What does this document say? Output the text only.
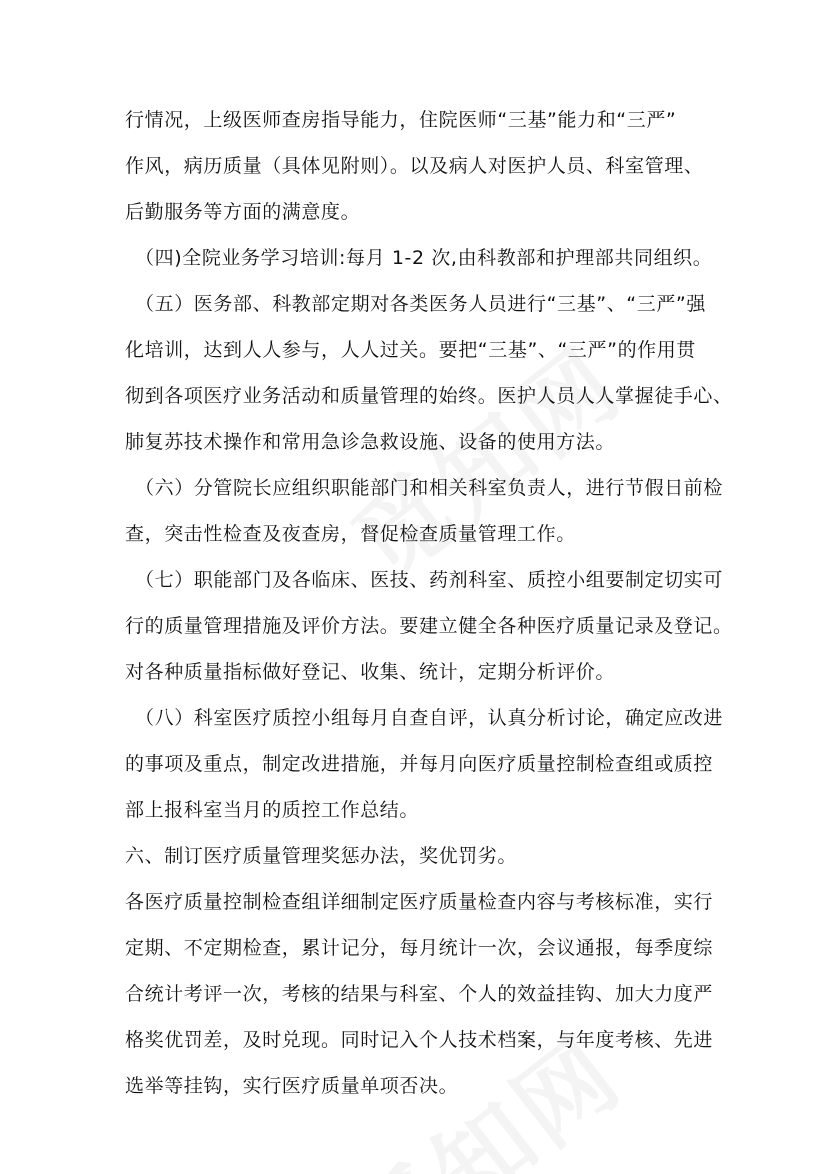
行情况，上级医师查房指导能力，住院医师“三基”能力和“三严”
作风，病历质量（具体见附则）。以及病人对医护人员、科室管理、
后勤服务等方面的满意度。
（四)全院业务学习培训:每月 1-2 次,由科教部和护理部共同组织。
（五）医务部、科教部定期对各类医务人员进行“三基”、“三严”强
化培训，达到人人参与，人人过关。要把“三基”、“三严”的作用贯
彻到各项医疗业务活动和质量管理的始终。医护人员人人掌握徒手心、
肺复苏技术操作和常用急诊急救设施、设备的使用方法。
（六）分管院长应组织职能部门和相关科室负责人，进行节假日前检
查，突击性检查及夜查房，督促检查质量管理工作。
（七）职能部门及各临床、医技、药剂科室、质控小组要制定切实可
行的质量管理措施及评价方法。要建立健全各种医疗质量记录及登记。
对各种质量指标做好登记、收集、统计，定期分析评价。
（八）科室医疗质控小组每月自查自评，认真分析讨论，确定应改进
的事项及重点，制定改进措施，并每月向医疗质量控制检查组或质控
部上报科室当月的质控工作总结。
六、制订医疗质量管理奖惩办法，奖优罚劣。
各医疗质量控制检查组详细制定医疗质量检查内容与考核标准，实行
定期、不定期检查，累计记分，每月统计一次，会议通报，每季度综
合统计考评一次，考核的结果与科室、个人的效益挂钩、加大力度严
格奖优罚差，及时兑现。同时记入个人技术档案，与年度考核、先进
选举等挂钩，实行医疗质量单项否决。
